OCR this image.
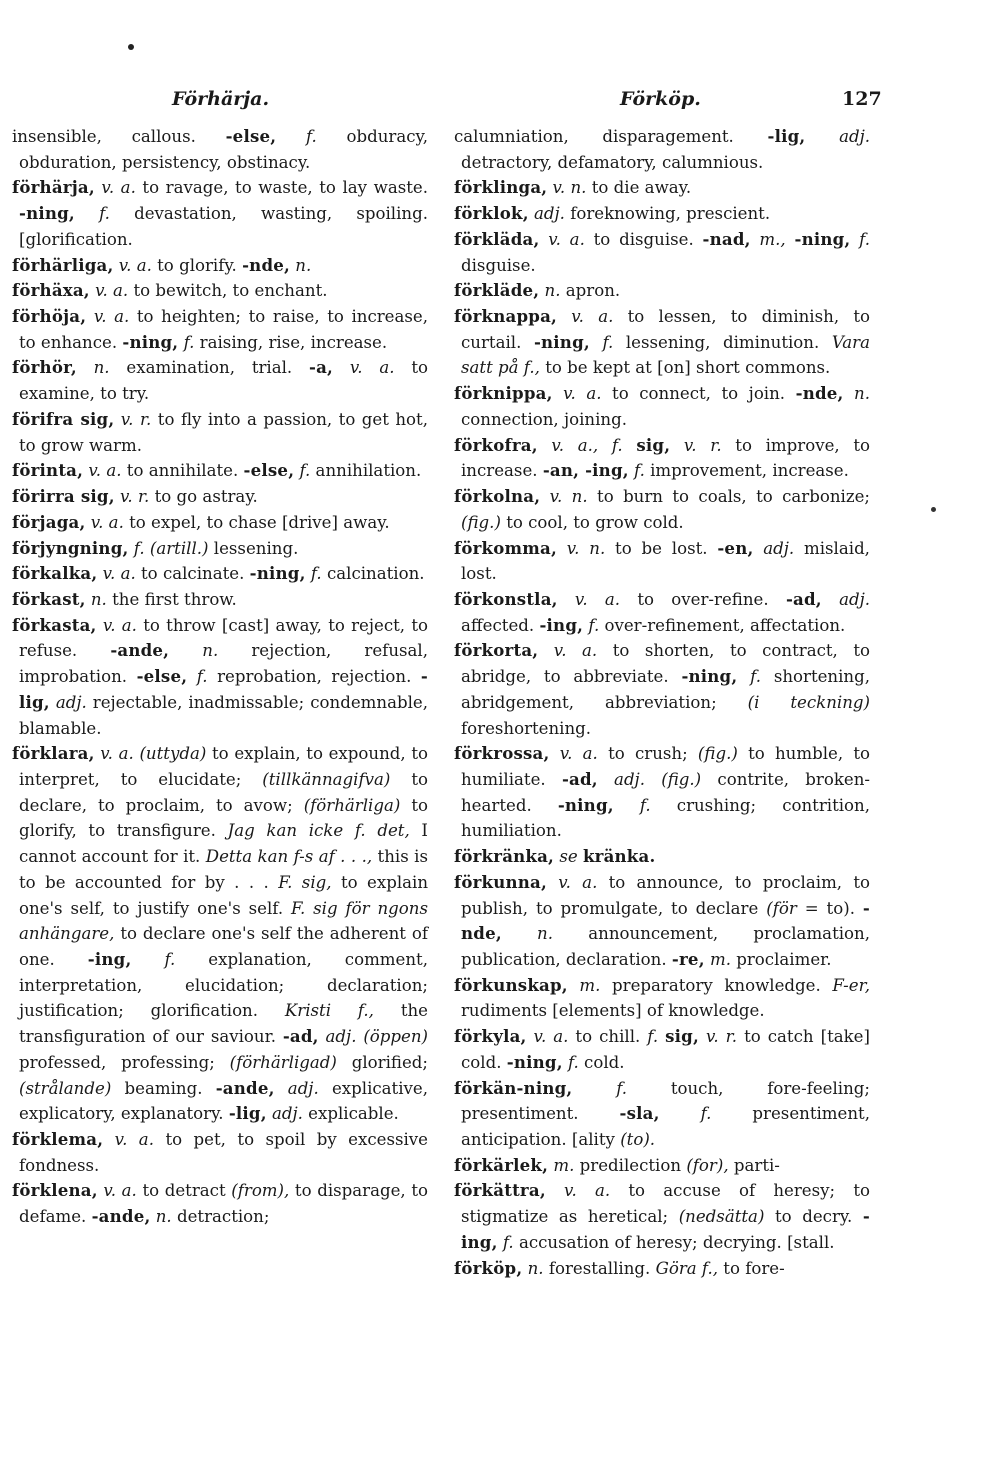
Förhärja.	Förköp.	127

insensible, callous. -else, f. obduracy, obduration, persistency, obstinacy.

förhärja, v. a. to ravage, to waste, to lay waste. -ning, f. devastation, wasting, spoiling. [glorification.

förhärliga, v. a. to glorify. -nde, n.

förhäxa, v. a. to bewitch, to enchant.

förhöja, v. a. to heighten; to raise, to increase, to enhance. -ning, f. raising, rise, increase.

förhör, n. examination, trial. -a, v. a. to examine, to try.

förifra sig, v. r. to fly into a passion, to get hot, to grow warm.

förinta, v. a. to annihilate. -else, f. annihilation.

förirra sig, v. r. to go astray.

förjaga, v. a. to expel, to chase [drive] away.

förjyngning, f. (artill.) lessening.

förkalka, v. a. to calcinate. -ning, f. calcination.

förkast, n. the first throw.

förkasta, v. a. to throw [cast] away, to reject, to refuse. -ande, n. rejection, refusal, improbation. -else, f. reprobation, rejection. -lig, adj. rejectable, inadmissable; condemnable, blamable.

förklara, v. a. (uttyda) to explain, to expound, to interpret, to elucidate; (tillkännagifva) to declare, to proclaim, to avow; (förhärliga) to glorify, to transfigure. Jag kan icke f. det, I cannot account for it. Detta kan f-s af . . ., this is to be accounted for by . . . F. sig, to explain one's self, to justify one's self. F. sig för ngons anhängare, to declare one's self the adherent of one. -ing, f. explanation, comment, interpretation, elucidation; declaration; justification; glorification. Kristi f., the transfiguration of our saviour. -ad, adj. (öppen) professed, professing; (förhärligad) glorified; (strålande) beaming. -ande, adj. explicative, explicatory, explanatory. -lig, adj. explicable.

förklema, v. a. to pet, to spoil by excessive fondness.

förklena, v. a. to detract (from), to disparage, to defame. -ande, n. detraction;

calumniation, disparagement. -lig, adj. detractory, defamatory, calumnious.

förklinga, v. n. to die away.

förklok, adj. foreknowing, prescient.

förkläda, v. a. to disguise. -nad, m., -ning, f. disguise.

förkläde, n. apron.

förknappa, v. a. to lessen, to diminish, to curtail. -ning, f. lessening, diminution. Vara satt på f., to be kept at [on] short commons.

förknippa, v. a. to connect, to join. -nde, n. connection, joining.

förkofra, v. a., f. sig, v. r. to improve, to increase. -an, -ing, f. improvement, increase.

förkolna, v. n. to burn to coals, to carbonize; (fig.) to cool, to grow cold.

förkomma, v. n. to be lost. -en, adj. mislaid, lost.

förkonstla, v. a. to over-refine. -ad, adj. affected. -ing, f. over-refinement, affectation.

förkorta, v. a. to shorten, to contract, to abridge, to abbreviate. -ning, f. shortening, abridgement, abbreviation; (i teckning) foreshortening.

förkrossa, v. a. to crush; (fig.) to humble, to humiliate. -ad, adj. (fig.) contrite, broken-hearted. -ning, f. crushing; contrition, humiliation.

förkränka, se kränka.

förkunna, v. a. to announce, to proclaim, to publish, to promulgate, to declare (för = to). -nde, n. announcement, proclamation, publication, declaration. -re, m. proclaimer.

förkunskap, m. preparatory knowledge. F-er, rudiments [elements] of knowledge.

förkyla, v. a. to chill. f. sig, v. r. to catch [take] cold. -ning, f. cold.

förkän-ning,	f. touch, fore-feeling; presentiment. -sla, f. presentiment, anticipation. [ality (to).

förkärlek, m. predilection (for), parti-

förkättra, v. a. to accuse of heresy; to stigmatize as heretical; (nedsätta) to decry. -ing, f. accusation of heresy; decrying. [stall.

förköp, n. forestalling. Göra f., to fore-
